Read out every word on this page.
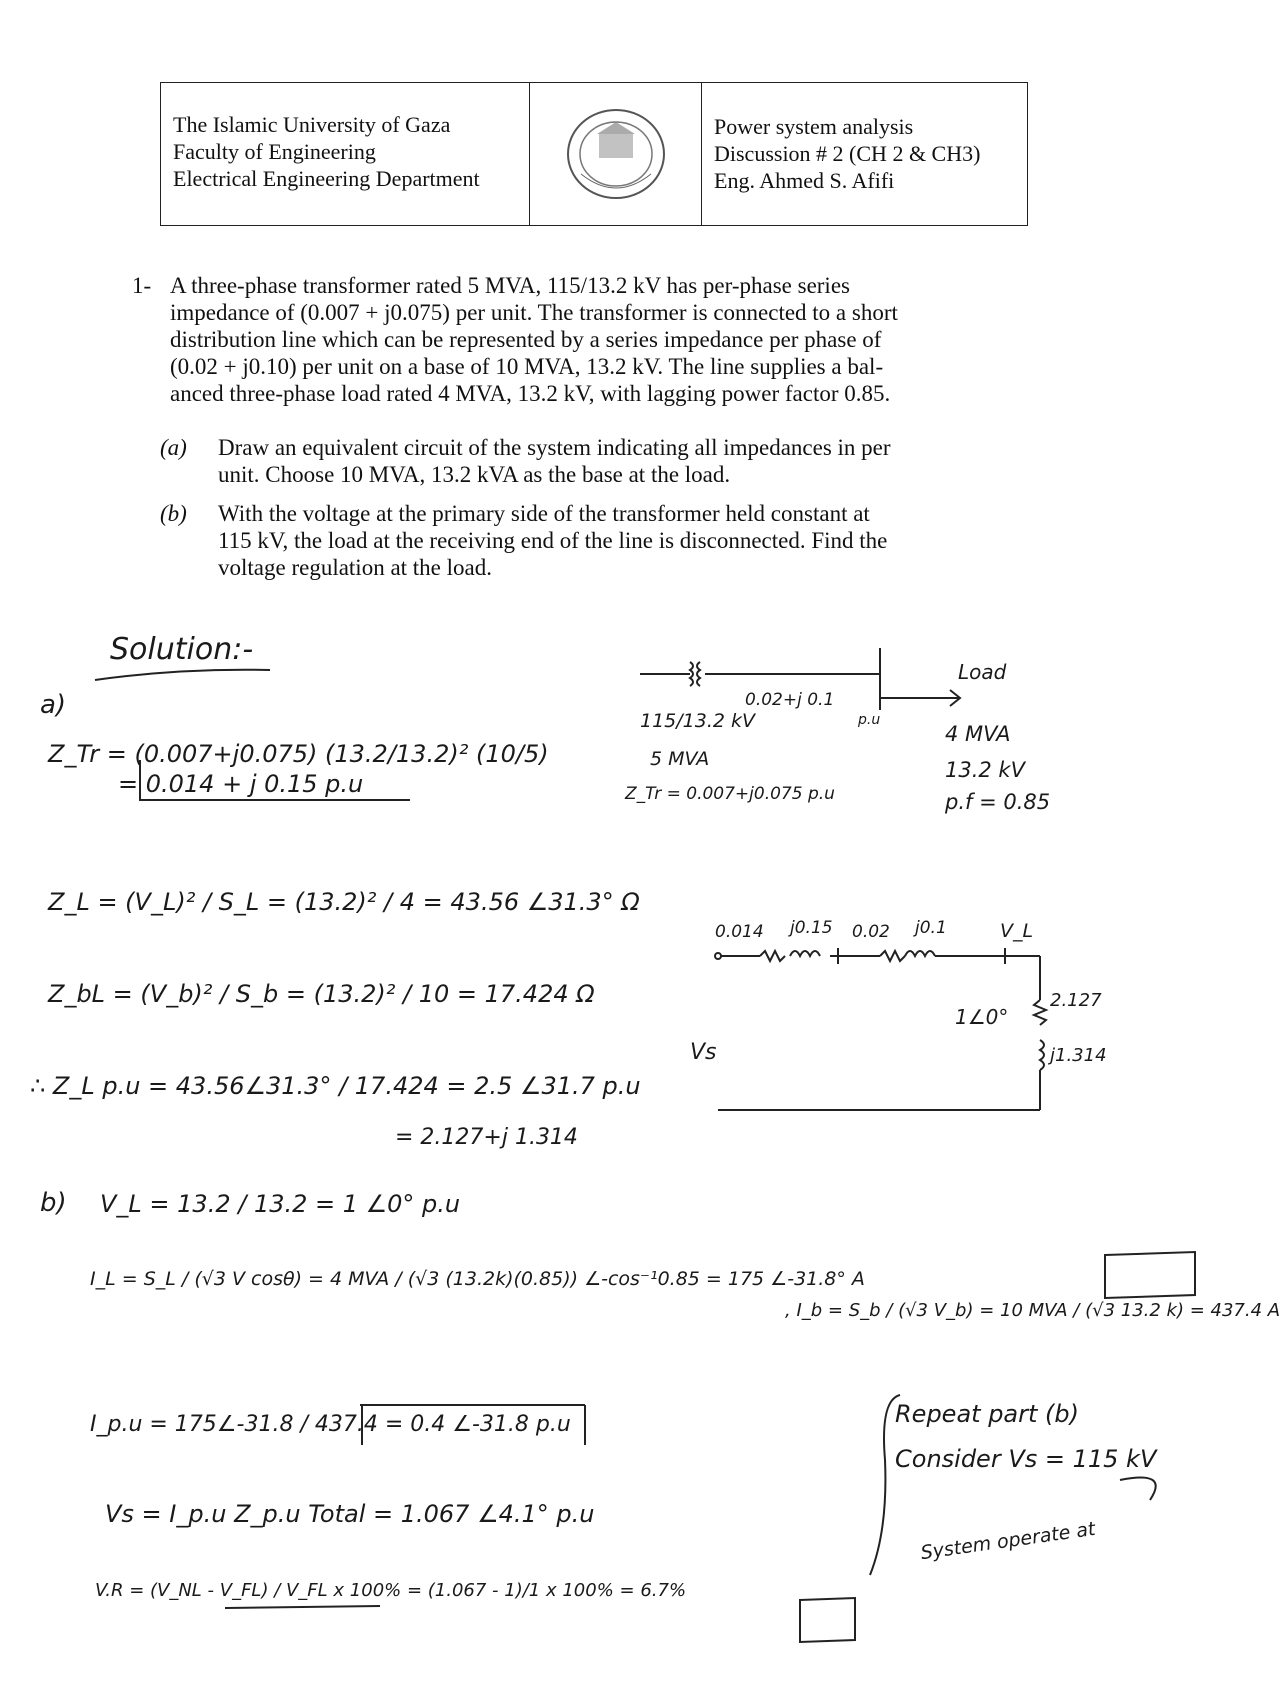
The Islamic University of Gaza
Faculty of Engineering
Electrical Engineering Department
Power system analysis
Discussion # 2 (CH 2 & CH3)
Eng. Ahmed S. Afifi
1- A three-phase transformer rated 5 MVA, 115/13.2 kV has per-phase series
impedance of (0.007 + j0.075) per unit. The transformer is connected to a short
distribution line which can be represented by a series impedance per phase of
(0.02 + j0.10) per unit on a base of 10 MVA, 13.2 kV. The line supplies a bal-
anced three-phase load rated 4 MVA, 13.2 kV, with lagging power factor 0.85.
(a) Draw an equivalent circuit of the system indicating all impedances in per
unit. Choose 10 MVA, 13.2 kVA as the base at the load.
(b) With the voltage at the primary side of the transformer held constant at
115 kV, the load at the receiving end of the line is disconnected. Find the
voltage regulation at the load.
Solution:-
a)
Z_Tr = (0.007+j0.075) (13.2/13.2)² (10/5)
= 0.014 + j 0.15 p.u
Z_L = (V_L)² / S_L = (13.2)² / 4 = 43.56 ∠31.3° Ω
Z_bL = (V_b)² / S_b = (13.2)² / 10 = 17.424 Ω
∴ Z_L p.u = 43.56∠31.3° / 17.424 = 2.5 ∠31.7 p.u
= 2.127+j 1.314
b) V_L = 13.2 / 13.2 = 1 ∠0° p.u
I_L = S_L / (√3 V cosθ) = 4 MVA / (√3 (13.2k)(0.85)) ∠-cos⁻¹0.85 = 175 ∠-31.8° A
, I_b = S_b / (√3 V_b) = 10 MVA / (√3 13.2 k) = 437.4 A
I_p.u = 175∠-31.8 / 437.4 = 0.4 ∠-31.8 p.u
Vs = I_p.u Z_p.u Total = 1.067 ∠4.1° p.u
V.R = (V_NL - V_FL) / V_FL x 100% = (1.067 - 1)/1 x 100% = 6.7%
Repeat part (b)
Consider Vs = 115 kV
System operate at
115/13.2 kV
5 MVA
Z_Tr = 0.007+j0.075 p.u
0.02+j 0.1
p.u
Load
4 MVA
13.2 kV
p.f = 0.85
0.014 j0.15 0.02 j0.1	V_L
Vs
1∠0°
2.127
j1.314
